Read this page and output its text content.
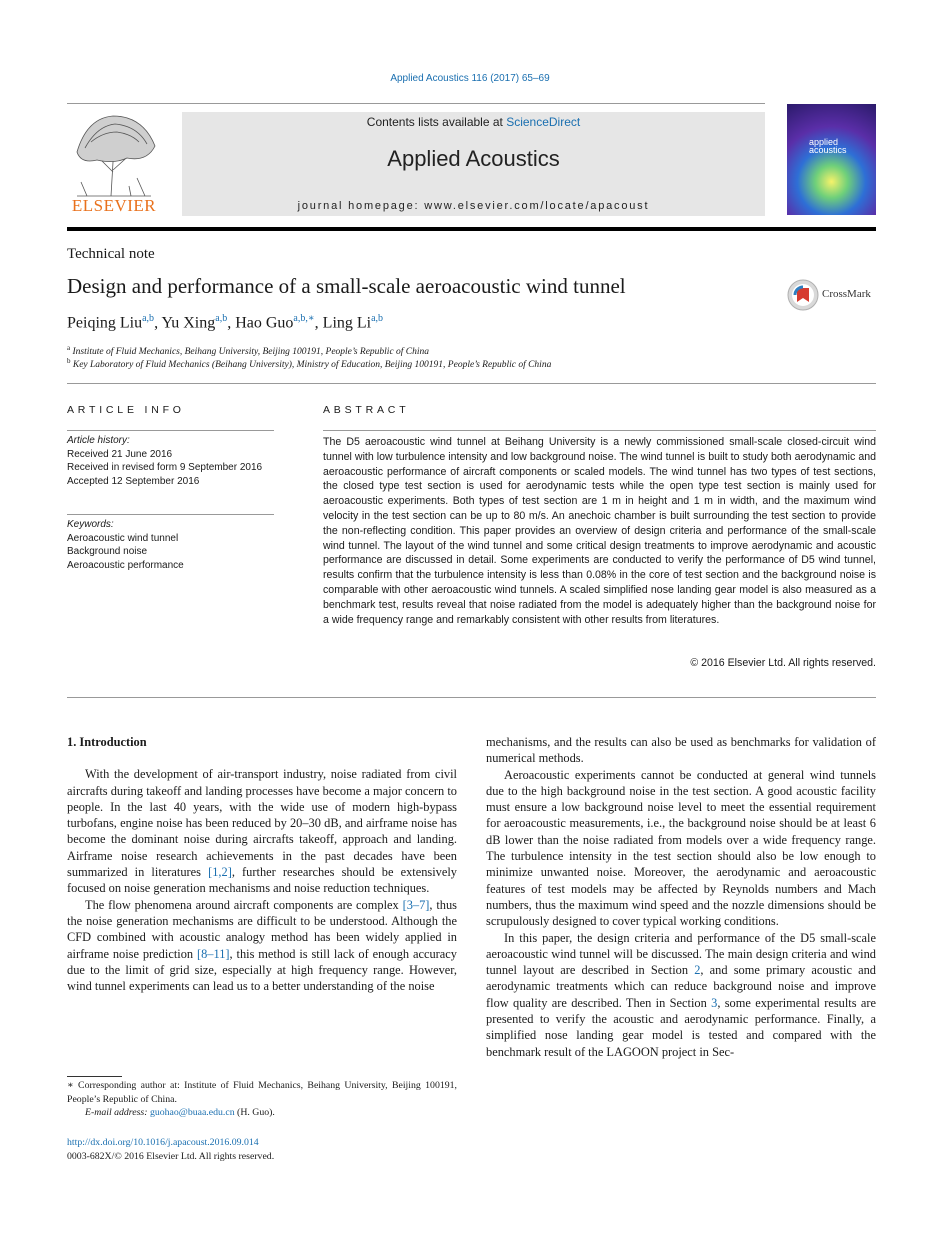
Applied Acoustics 116 (2017) 65–69
ELSEVIER
Contents lists available at ScienceDirect
Applied Acoustics
journal homepage: www.elsevier.com/locate/apacoust
applied
acoustics
Technical note
Design and performance of a small-scale aeroacoustic wind tunnel	CrossMark
Peiqing Liu$^{a,b}$, Yu Xing$^{a,b}$, Hao Guo$^{a,b,∗}$, Ling Li$^{a,b}$
$^a$ Institute of Fluid Mechanics, Beihang University, Beijing 100191, People’s Republic of China
$^b$ Key Laboratory of Fluid Mechanics (Beihang University), Ministry of Education, Beijing 100191, People’s Republic of China
ARTICLE INFO
Article history:
Received 21 June 2016
Received in revised form 9 September 2016
Accepted 12 September 2016
Keywords:
Aeroacoustic wind tunnel
Background noise
Aeroacoustic performance
ABSTRACT
The D5 aeroacoustic wind tunnel at Beihang University is a newly commissioned small-scale closed-circuit wind tunnel with low turbulence intensity and low background noise. The wind tunnel is built to study both aerodynamic and aeroacoustic performance of aircraft components or scaled models. The wind tunnel has two types of test sections, the closed type test section is used for aerodynamic tests while the open type test section is mainly used for aeroacoustic experiments. Both types of test section are 1 m in height and 1 m in width, and the maximum wind velocity in the test section can be up to 80 m/s. An anechoic chamber is built surrounding the test section to provide the non-reflecting condition. This paper provides an overview of design criteria and performance of the small-scale wind tunnel. The layout of the wind tunnel and some critical design treatments to improve aerodynamic and acoustic performance are discussed in detail. Some experiments are conducted to verify the performance of D5 wind tunnel, results confirm that the turbulence intensity is less than 0.08% in the core of test section and the background noise is comparable with other aeroacoustic wind tunnels. A scaled simplified nose landing gear model is also measured as a benchmark test, results reveal that noise radiated from the model is adequately higher than the background noise for a wide frequency range and remarkably consistent with other results from literatures.
© 2016 Elsevier Ltd. All rights reserved.
1. Introduction

With the development of air-transport industry, noise radiated from civil aircrafts during takeoff and landing processes have become a major concern to people. In the last 40 years, with the wide use of modern high-bypass turbofans, engine noise has been reduced by 20–30 dB, and airframe noise has become the dominant noise during aircrafts takeoff, approach and landing. Airframe noise research achievements in the past decades have been summarized in literatures [1,2], further researches should be extensively focused on noise generation mechanisms and noise reduction techniques.

The flow phenomena around aircraft components are complex [3–7], thus the noise generation mechanisms are difficult to be understood. Although the CFD combined with acoustic analogy method has been widely applied in airframe noise prediction [8–11], this method is still lack of enough accuracy due to the limit of grid size, especially at high frequency range. However, wind tunnel experiments can lead us to a better understanding of the noise

mechanisms, and the results can also be used as benchmarks for validation of numerical methods.

Aeroacoustic experiments cannot be conducted at general wind tunnels due to the high background noise in the test section. A good acoustic facility must ensure a low background noise level to meet the essential requirement for aeroacoustic measurements, i.e., the background noise should be at least 6 dB lower than the noise radiated from models over a wide frequency range. The turbulence intensity in the test section should also be low enough to minimize unwanted noise. Moreover, the aerodynamic and aeroacoustic features of test models may be affected by Reynolds numbers and Mach numbers, thus the maximum wind speed and the nozzle dimensions should be scrupulously designed to cover typical working conditions.

In this paper, the design criteria and performance of the D5 small-scale aeroacoustic wind tunnel will be discussed. The main design criteria and wind tunnel layout are described in Section 2, and some primary acoustic and aerodynamic treatments which can reduce background noise and improve flow quality are described. Then in Section 3, some experimental results are presented to verify the acoustic and aerodynamic performance. Finally, a simplified nose landing gear model is tested and compared with the benchmark result of the LAGOON project in Sec-

∗ Corresponding author at: Institute of Fluid Mechanics, Beihang University, Beijing 100191, People’s Republic of China.
E-mail address: guohao@buaa.edu.cn (H. Guo).
http://dx.doi.org/10.1016/j.apacoust.2016.09.014
0003-682X/© 2016 Elsevier Ltd. All rights reserved.
